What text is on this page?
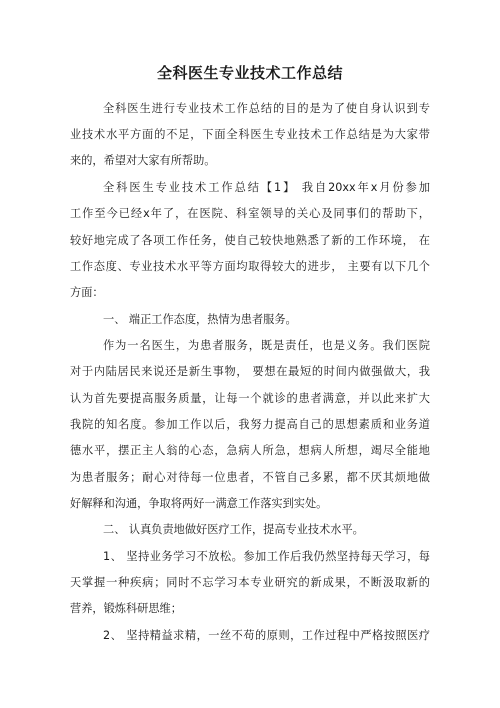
全科医生专业技术工作总结
全科医生进行专业技术工作总结的目的是为了使自身认识到专
业技术水平方面的不足，下面全科医生专业技术工作总结是为大家带
来的，希望对大家有所帮助。
全科医生专业技术工作总结【1】 我自20xx年x月份参加
工作至今已经x年了，在医院、科室领导的关心及同事们的帮助下，
较好地完成了各项工作任务，使自己较快地熟悉了新的工作环境， 在
工作态度、专业技术水平等方面均取得较大的进步， 主要有以下几个
方面：
一、 端正工作态度，热情为患者服务。
作为一名医生，为患者服务，既是责任，也是义务。我们医院
对于内陆居民来说还是新生事物， 要想在最短的时间内做强做大，我
认为首先要提高服务质量，让每一个就诊的患者满意，并以此来扩大
我院的知名度。参加工作以后，我努力提高自己的思想素质和业务道
德水平，摆正主人翁的心态，急病人所急，想病人所想，竭尽全能地
为患者服务；耐心对待每一位患者，不管自己多累，都不厌其烦地做
好解释和沟通，争取将两好一满意工作落实到实处。
二、 认真负责地做好医疗工作，提高专业技术水平。
1、 坚持业务学习不放松。参加工作后我仍然坚持每天学习，每
天掌握一种疾病；同时不忘学习本专业研究的新成果，不断汲取新的
营养，锻炼科研思维；
2、 坚持精益求精，一丝不苟的原则，工作过程中严格按照医疗
